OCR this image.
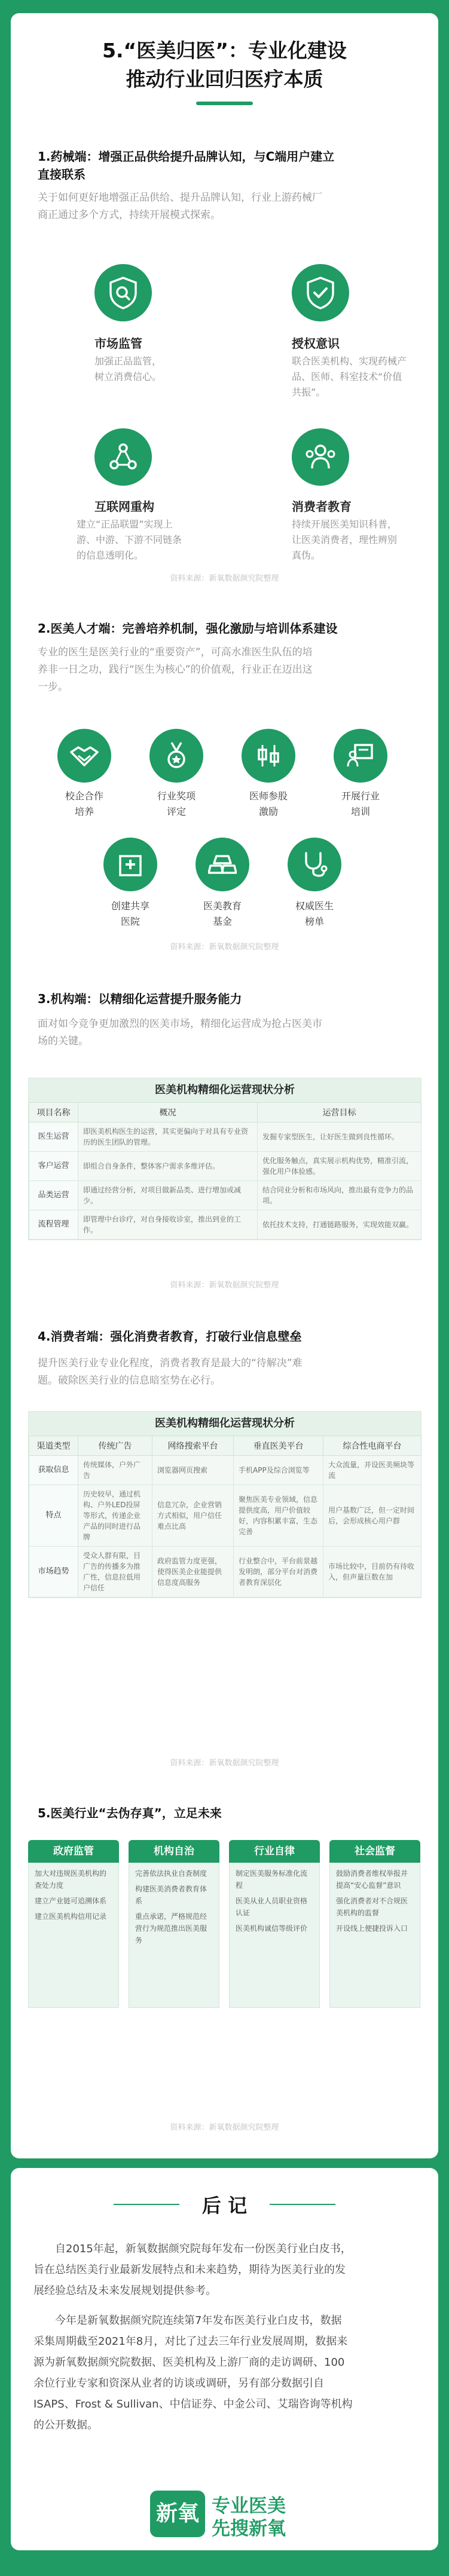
5.“医美归医”：专业化建设
推动行业回归医疗本质
1.药械端：增强正品供给提升品牌认知，与C端用户建立
直接联系
关于如何更好地增强正品供给、提升品牌认知，行业上游药械厂
商正通过多个方式，持续开展模式探索。
市场监管
加强正品监管，
树立消费信心。
授权意识
联合医美机构、实现药械产
品、医师、科室技术“价值
共振”。
互联网重构
建立“正品联盟”实现上
游、中游、下游不同链条
的信息透明化。
消费者教育
持续开展医美知识科普，
让医美消费者，理性辨别
真伪。
资料来源：新氧数据颜究院整理
2.医美人才端：完善培养机制，强化激励与培训体系建设
专业的医生是医美行业的“重要资产”，可高水准医生队伍的培
养非一日之功，践行“医生为核心”的价值观，行业正在迈出这
一步。
校企合作
培养
行业奖项
评定
医师参股
激励
开展行业
培训
创建共享
医院
医美教育
基金
权威医生
榜单
资料来源：新氧数据颜究院整理
3.机构端：以精细化运营提升服务能力
面对如今竞争更加激烈的医美市场，精细化运营成为抢占医美市
场的关键。
医美机构精细化运营现状分析
项目名称	概况	运营目标
医生运营	即医美机构医生的运营，其实更偏向于对具有专业资历的医生团队的管理。	发掘专家型医生，让好医生做到良性循环。
客户运营	即组合自身条件，整体客户需求多维评估。	优化服务触点，真实展示机构优势，精准引流，强化用户体验感。
品类运营	即通过经营分析，对项目做新品类、进行增加或减少。	结合同业分析和市场风向，推出最有竞争力的品项。
流程管理	即管理中台诊疗，对自身接收诊室，推出到业的工作。	依托技术支持，打通链路服务，实现效能双赢。
资料来源：新氧数据颜究院整理
4.消费者端：强化消费者教育，打破行业信息壁垒
提升医美行业专业化程度，消费者教育是最大的“待解决”难
题。破除医美行业的信息暗室势在必行。
医美机构精细化运营现状分析
渠道类型	传统广告	网络搜索平台	垂直医美平台	综合性电商平台
获取信息	传统媒体，户外广告	浏览器网页搜索	手机APP及综合浏览等	大众流量，并设医美频块等流
特点	历史较早，通过机构、户外LED投屏等形式，传递企业产品的同时进行品牌	信息冗杂，企业营销方式相似，用户信任难点比高	聚焦医美专业领域，信息提供度高，用户价值较好，内容积累丰富，生态完善	用户基数广泛，但一定时间后，会形成核心用户群
市场趋势	受众人群有限，目广告的传播多为推广性，信息拉低用户信任	政府监管力度更强，使得医美企业能提供信息度高服务	行业整合中，平台前景越发明朗，部分平台对消费者教育深层化	市场比较中，目前仍有待收入，但声量巨数在加
资料来源：新氧数据颜究院整理
5.医美行业“去伪存真”，立足未来
政府监管
加大对违规医美机构的查处力度
建立产业链可追溯体系
建立医美机构信用记录
机构自治
完善依法执业自查制度
构建医美消费者教育体系
重点承诺，严格规范经营行为规范推出医美服务
行业自律
制定医美服务标准化流程
医美从业人员职业资格认证
医美机构诚信等级评价
社会监督
鼓励消费者维权举报并提高“安心监督”意识
强化消费者对不合规医美机构的监督
开设线上便捷投诉入口
资料来源：新氧数据颜究院整理
后 记
自2015年起，新氧数据颜究院每年发布一份医美行业白皮书，
旨在总结医美行业最新发展特点和未来趋势，期待为医美行业的发
展经验总结及未来发展规划提供参考。
今年是新氧数据颜究院连续第7年发布医美行业白皮书，数据
采集周期截至2021年8月，对比了过去三年行业发展周期，数据来
源为新氧数据颜究院数据、医美机构及上游厂商的走访调研、100
余位行业专家和资深从业者的访谈或调研，另有部分数据引自
ISAPS、Frost & Sullivan、中信证券、中金公司、艾瑞咨询等机构
的公开数据。
新氧 专业医美
先搜新氧
